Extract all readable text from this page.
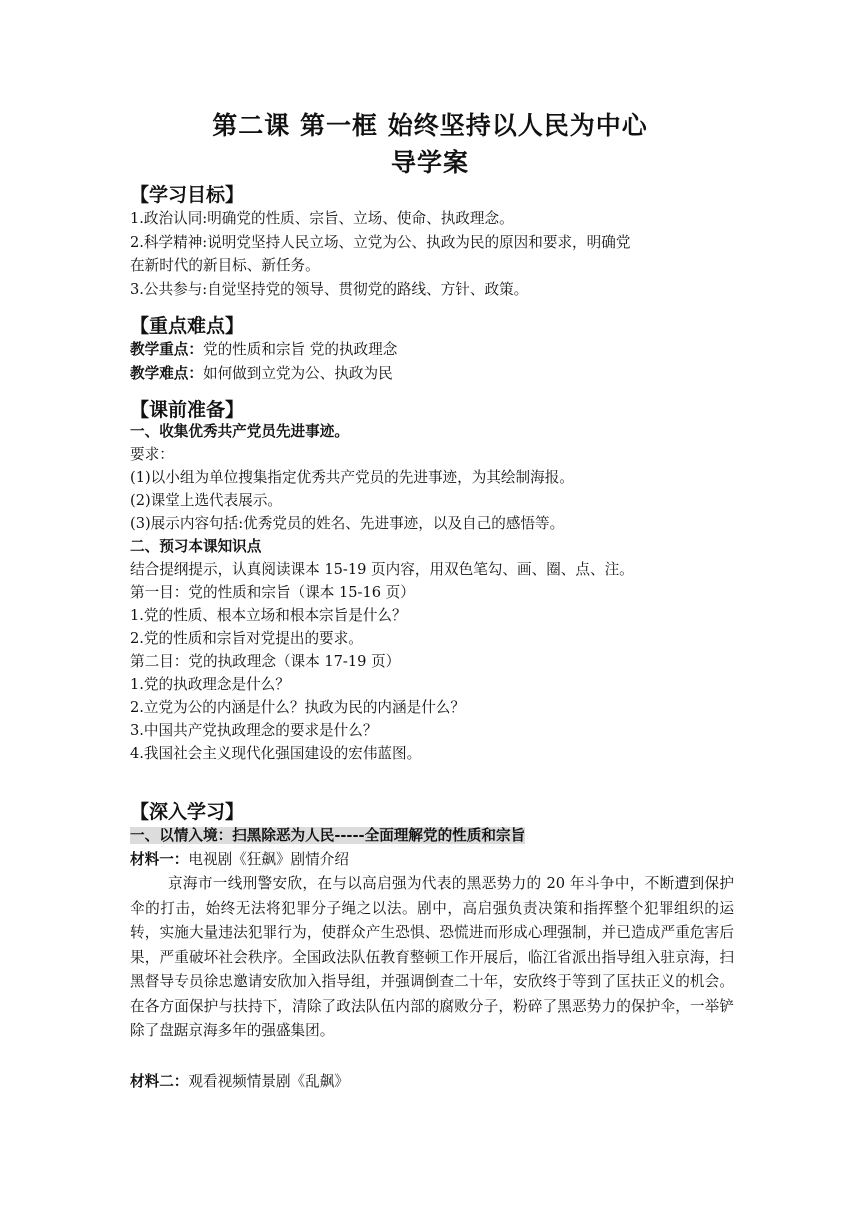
第二课 第一框 始终坚持以人民为中心
导学案
【学习目标】
1.政治认同:明确党的性质、宗旨、立场、使命、执政理念。
2.科学精神:说明党坚持人民立场、立党为公、执政为民的原因和要求，明确党
在新时代的新目标、新任务。
3.公共参与:自觉坚持党的领导、贯彻党的路线、方针、政策。
【重点难点】
教学重点：党的性质和宗旨 党的执政理念
教学难点：如何做到立党为公、执政为民
【课前准备】
一、收集优秀共产党员先进事迹。
要求：
(1)以小组为单位搜集指定优秀共产党员的先进事迹，为其绘制海报。
(2)课堂上选代表展示。
(3)展示内容句括:优秀党员的姓名、先进事迹，以及自己的感悟等。
二、预习本课知识点
结合提纲提示，认真阅读课本 15-19 页内容，用双色笔勾、画、圈、点、注。
第一目：党的性质和宗旨（课本 15-16 页）
1.党的性质、根本立场和根本宗旨是什么？
2.党的性质和宗旨对党提出的要求。
第二目：党的执政理念（课本 17-19 页）
1.党的执政理念是什么？
2.立党为公的内涵是什么？执政为民的内涵是什么？
3.中国共产党执政理念的要求是什么？
4.我国社会主义现代化强国建设的宏伟蓝图。
【深入学习】
一、以情入境：扫黑除恶为人民-----全面理解党的性质和宗旨
材料一：电视剧《狂飙》剧情介绍
京海市一线刑警安欣，在与以高启强为代表的黑恶势力的 20 年斗争中，不断遭到保护伞的打击，始终无法将犯罪分子绳之以法。剧中，高启强负责决策和指挥整个犯罪组织的运转，实施大量违法犯罪行为，使群众产生恐惧、恐慌进而形成心理强制，并已造成严重危害后果，严重破坏社会秩序。全国政法队伍教育整顿工作开展后，临江省派出指导组入驻京海，扫黑督导专员徐忠邀请安欣加入指导组，并强调倒查二十年，安欣终于等到了匡扶正义的机会。在各方面保护与扶持下，清除了政法队伍内部的腐败分子，粉碎了黑恶势力的保护伞，一举铲除了盘踞京海多年的强盛集团。
材料二：观看视频情景剧《乱飙》
